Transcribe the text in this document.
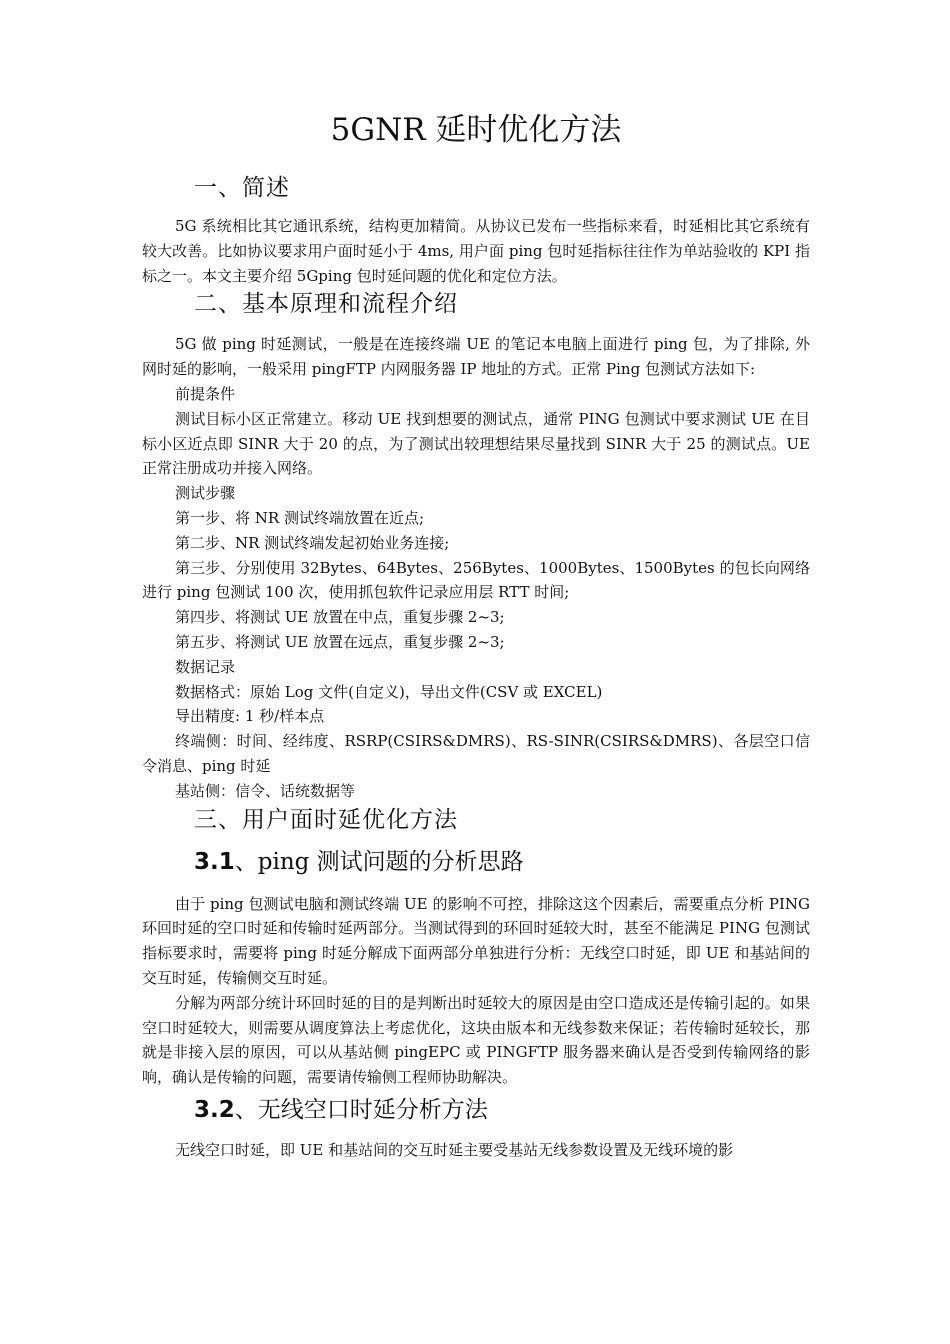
5GNR 延时优化方法
一、简述

5G 系统相比其它通讯系统，结构更加精简。从协议已发布一些指标来看，时延相比其它系统有较大改善。比如协议要求用户面时延小于 4ms, 用户面 ping 包时延指标往往作为单站验收的 KPI 指标之一。本文主要介绍 5Gping 包时延问题的优化和定位方法。

二、基本原理和流程介绍

5G 做 ping 时延测试，一般是在连接终端 UE 的笔记本电脑上面进行 ping 包，为了排除, 外网时延的影响，一般采用 pingFTP 内网服务器 IP 地址的方式。正常 Ping 包测试方法如下:

前提条件

测试目标小区正常建立。移动 UE 找到想要的测试点，通常 PING 包测试中要求测试 UE 在目标小区近点即 SINR 大于 20 的点，为了测试出较理想结果尽量找到 SINR 大于 25 的测试点。UE 正常注册成功并接入网络。

测试步骤

第一步、将 NR 测试终端放置在近点;

第二步、NR 测试终端发起初始业务连接;

第三步、分别使用 32Bytes、64Bytes、256Bytes、1000Bytes、1500Bytes 的包长向网络进行 ping 包测试 100 次，使用抓包软件记录应用层 RTT 时间;

第四步、将测试 UE 放置在中点，重复步骤 2~3;

第五步、将测试 UE 放置在远点，重复步骤 2~3;

数据记录

数据格式：原始 Log 文件(自定义)，导出文件(CSV 或 EXCEL)

导出精度: 1 秒/样本点

终端侧：时间、经纬度、RSRP(CSIRS&DMRS)、RS-SINR(CSIRS&DMRS)、各层空口信令消息、ping 时延

基站侧：信令、话统数据等

三、用户面时延优化方法
3.1、ping 测试问题的分析思路

由于 ping 包测试电脑和测试终端 UE 的影响不可控，排除这这个因素后，需要重点分析 PING 环回时延的空口时延和传输时延两部分。当测试得到的环回时延较大时，甚至不能满足 PING 包测试指标要求时，需要将 ping 时延分解成下面两部分单独进行分析：无线空口时延，即 UE 和基站间的交互时延，传输侧交互时延。

分解为两部分统计环回时延的目的是判断出时延较大的原因是由空口造成还是传输引起的。如果空口时延较大，则需要从调度算法上考虑优化，这块由版本和无线参数来保证；若传输时延较长，那就是非接入层的原因，可以从基站侧 pingEPC 或 PINGFTP 服务器来确认是否受到传输网络的影响，确认是传输的问题，需要请传输侧工程师协助解决。

3.2、无线空口时延分析方法

无线空口时延，即 UE 和基站间的交互时延主要受基站无线参数设置及无线环境的影
